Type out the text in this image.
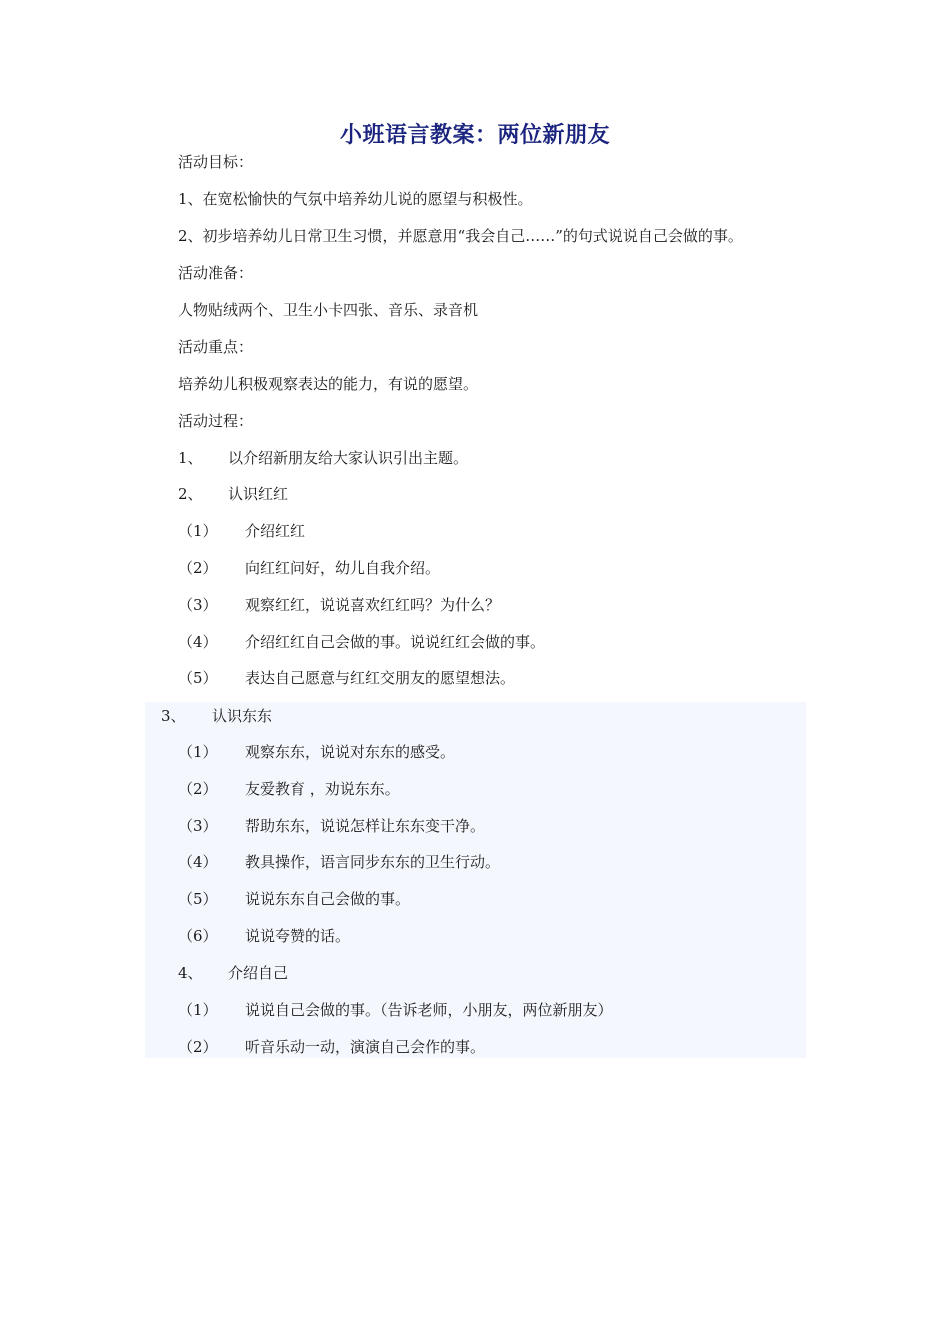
小班语言教案：两位新朋友
活动目标：
1、在宽松愉快的气氛中培养幼儿说的愿望与积极性。
2、初步培养幼儿日常卫生习惯，并愿意用“我会自己……”的句式说说自己会做的事。
活动准备：
人物贴绒两个、卫生小卡四张、音乐、录音机
活动重点：
培养幼儿积极观察表达的能力，有说的愿望。
活动过程：
1、 以介绍新朋友给大家认识引出主题。
2、 认识红红
（1） 介绍红红
（2） 向红红问好，幼儿自我介绍。
（3） 观察红红，说说喜欢红红吗？为什么？
（4） 介绍红红自己会做的事。说说红红会做的事。
（5） 表达自己愿意与红红交朋友的愿望想法。
3、 认识东东
（1） 观察东东，说说对东东的感受。
（2） 友爱教育 ，劝说东东。
（3） 帮助东东，说说怎样让东东变干净。
（4） 教具操作，语言同步东东的卫生行动。
（5） 说说东东自己会做的事。
（6） 说说夸赞的话。
4、 介绍自己
（1） 说说自己会做的事。（告诉老师，小朋友，两位新朋友）
（2） 听音乐动一动，演演自己会作的事。
